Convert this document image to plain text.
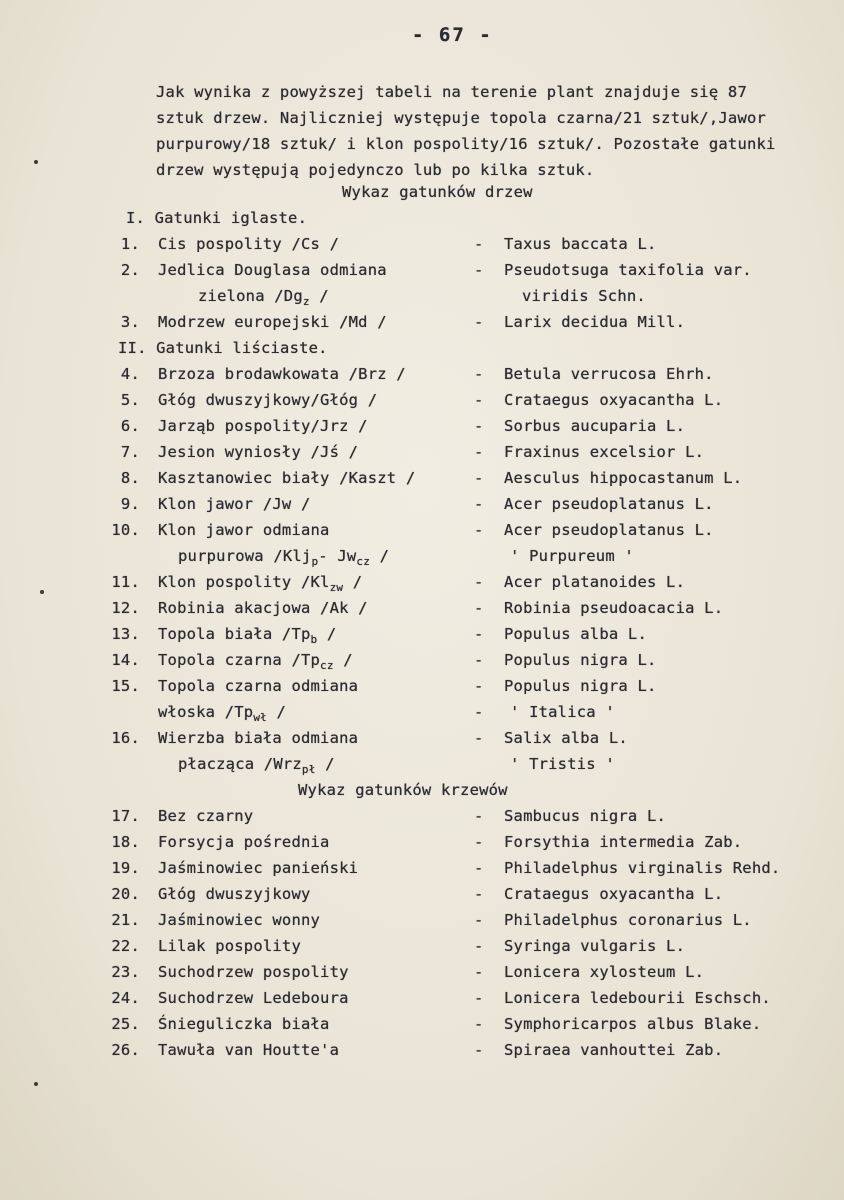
- 67 -
Jak wynika z powyższej tabeli na terenie plant znajduje się 87
sztuk drzew. Najliczniej występuje topola czarna/21 sztuk/,Jawor
purpurowy/18 sztuk/ i klon pospolity/16 sztuk/. Pozostałe gatunki
drzew występują pojedynczo lub po kilka sztuk.
Wykaz gatunków drzew
I. Gatunki iglaste.
1. Cis pospolity /Cs /	- Taxus baccata L.
2. Jedlica Douglasa odmiana	- Pseudotsuga taxifolia var.
zielona $/Dg_z$ /	viridis Schn.
3. Modrzew europejski /Md /	- Larix decidua Mill.
II. Gatunki liściaste.
4. Brzoza brodawkowata /Brz /	- Betula verrucosa Ehrh.
5. Głóg dwuszyjkowy/Głóg /	- Crataegus oxyacantha L.
6. Jarząb pospolity/Jrz /	- Sorbus aucuparia L.
7. Jesion wyniosły /Jś /	- Fraxinus excelsior L.
8. Kasztanowiec biały /Kaszt /	- Aesculus hippocastanum L.
9. Klon jawor /Jw /	- Acer pseudoplatanus L.
10. Klon jawor odmiana	- Acer pseudoplatanus L.
purpurowa /Klj$_p$- $Jw_{cz}$ /	' Purpureum '
11. Klon pospolity $/Kl_{zw}$ /	- Acer platanoides L.
12. Robinia akacjowa /Ak /	- Robinia pseudoacacia L.
13. Topola biała $/Tp_b$ /	- Populus alba L.
14. Topola czarna $/Tp_{cz}$ /	- Populus nigra L.
15. Topola czarna odmiana	- Populus nigra L.
włoska $/Tp_{wł}$ /	- ' Italica '
16. Wierzba biała odmiana	- Salix alba L.
płacząca /Wrz$_{pł}$ /	' Tristis '
Wykaz gatunków krzewów
17. Bez czarny	- Sambucus nigra L.
18. Forsycja pośrednia	- Forsythia intermedia Zab.
19. Jaśminowiec panieński	- Philadelphus virginalis Rehd.
20. Głóg dwuszyjkowy	- Crataegus oxyacantha L.
21. Jaśminowiec wonny	- Philadelphus coronarius L.
22. Lilak pospolity	- Syringa vulgaris L.
23. Suchodrzew pospolity	- Lonicera xylosteum L.
24. Suchodrzew Ledeboura	- Lonicera ledebourii Eschsch.
25. Śnieguliczka biała	- Symphoricarpos albus Blake.
26. Tawuła van Houtte'a	- Spiraea vanhouttei Zab.
